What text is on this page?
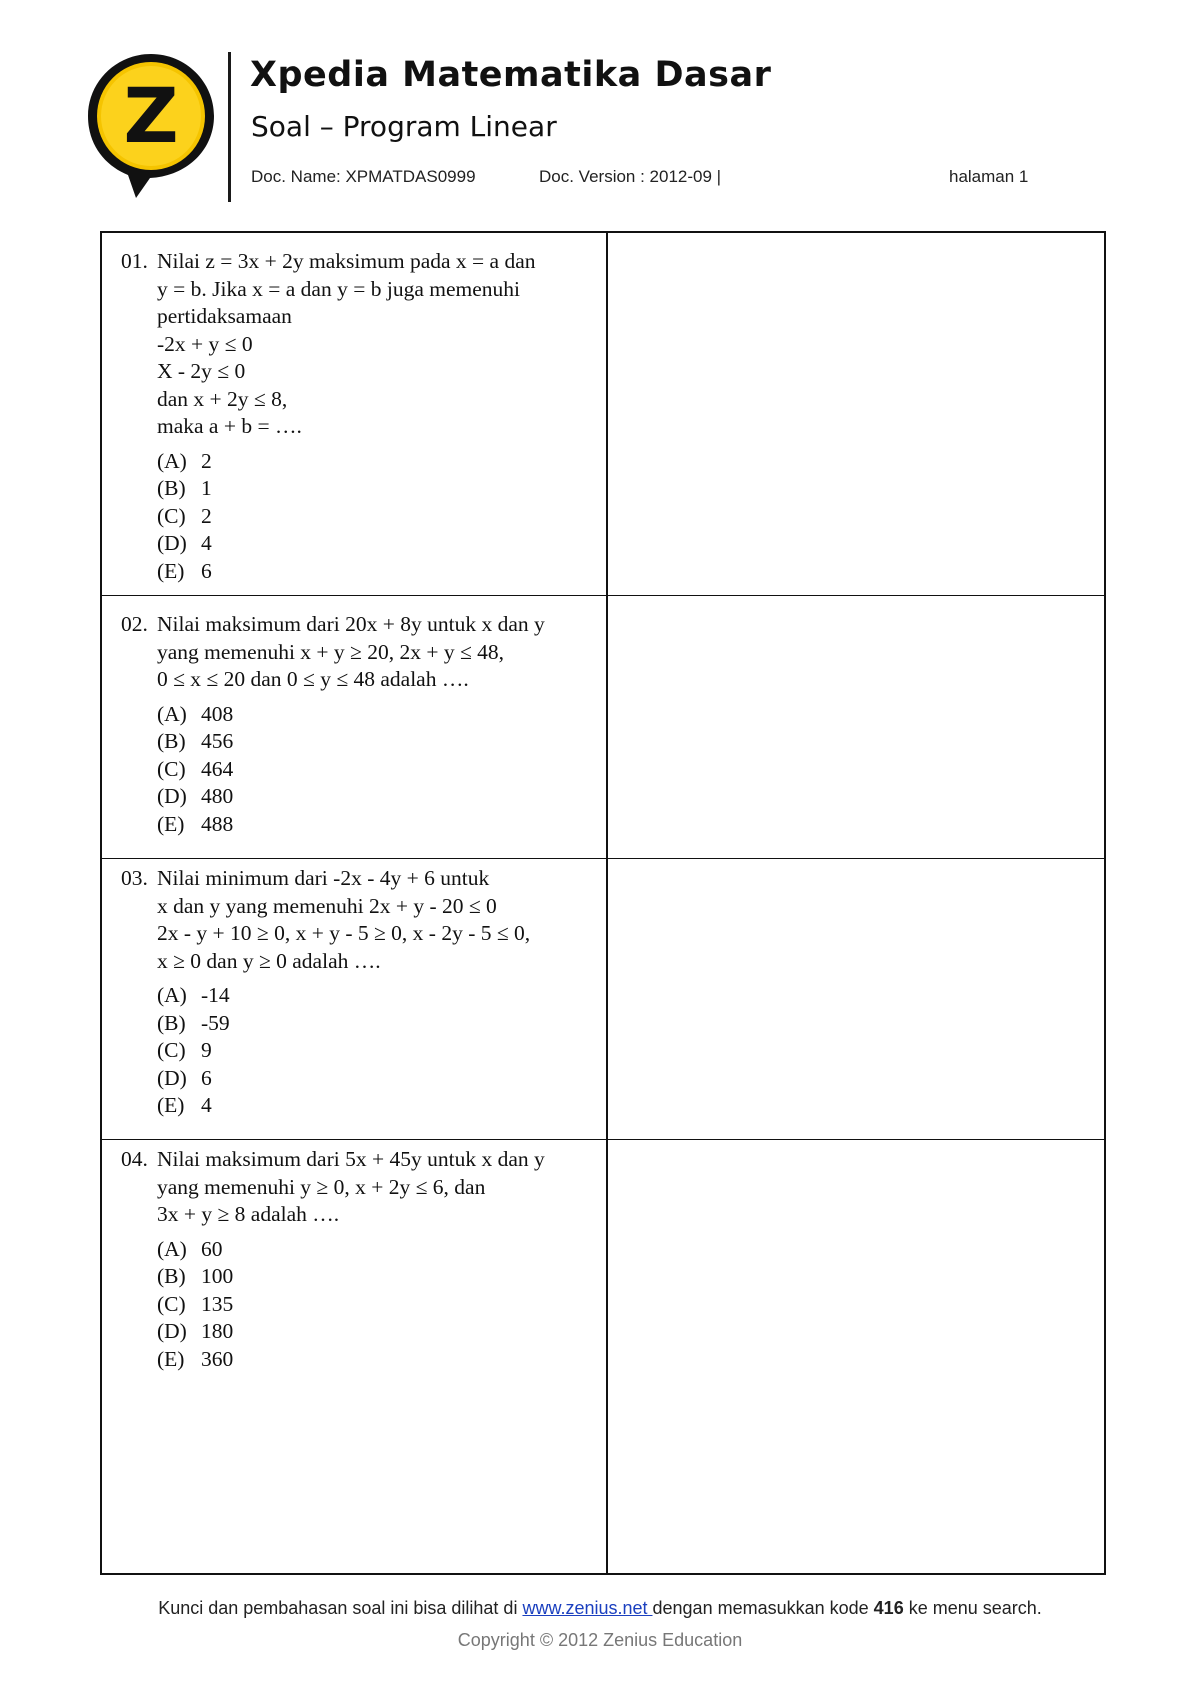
Z Xpedia Matematika Dasar
Soal – Program Linear
Doc. Name: XPMATDAS0999	Doc. Version : 2012-09 |	halaman 1
01. Nilai z = 3x + 2y maksimum pada x = a dan
y = b. Jika x = a dan y = b juga memenuhi
pertidaksamaan
-2x + y ≤ 0
X - 2y ≤ 0
dan x + 2y ≤ 8,
maka a + b = ….
(A) 2
(B) 1
(C) 2
(D) 4
(E) 6
02. Nilai maksimum dari 20x + 8y untuk x dan y
yang memenuhi x + y ≥ 20, 2x + y ≤ 48,
0 ≤ x ≤ 20 dan 0 ≤ y ≤ 48 adalah ….
(A) 408
(B) 456
(C) 464
(D) 480
(E) 488
03. Nilai minimum dari -2x - 4y + 6 untuk
x dan y yang memenuhi 2x + y - 20 ≤ 0
2x - y + 10 ≥ 0, x + y - 5 ≥ 0, x - 2y - 5 ≤ 0,
x ≥ 0 dan y ≥ 0 adalah ….
(A) -14
(B) -59
(C) 9
(D) 6
(E) 4
04. Nilai maksimum dari 5x + 45y untuk x dan y
yang memenuhi y ≥ 0, x + 2y ≤ 6, dan
3x + y ≥ 8 adalah ….
(A) 60
(B) 100
(C) 135
(D) 180
(E) 360
Kunci dan pembahasan soal ini bisa dilihat di www.zenius.net dengan memasukkan kode 416 ke menu search.
Copyright © 2012 Zenius Education
